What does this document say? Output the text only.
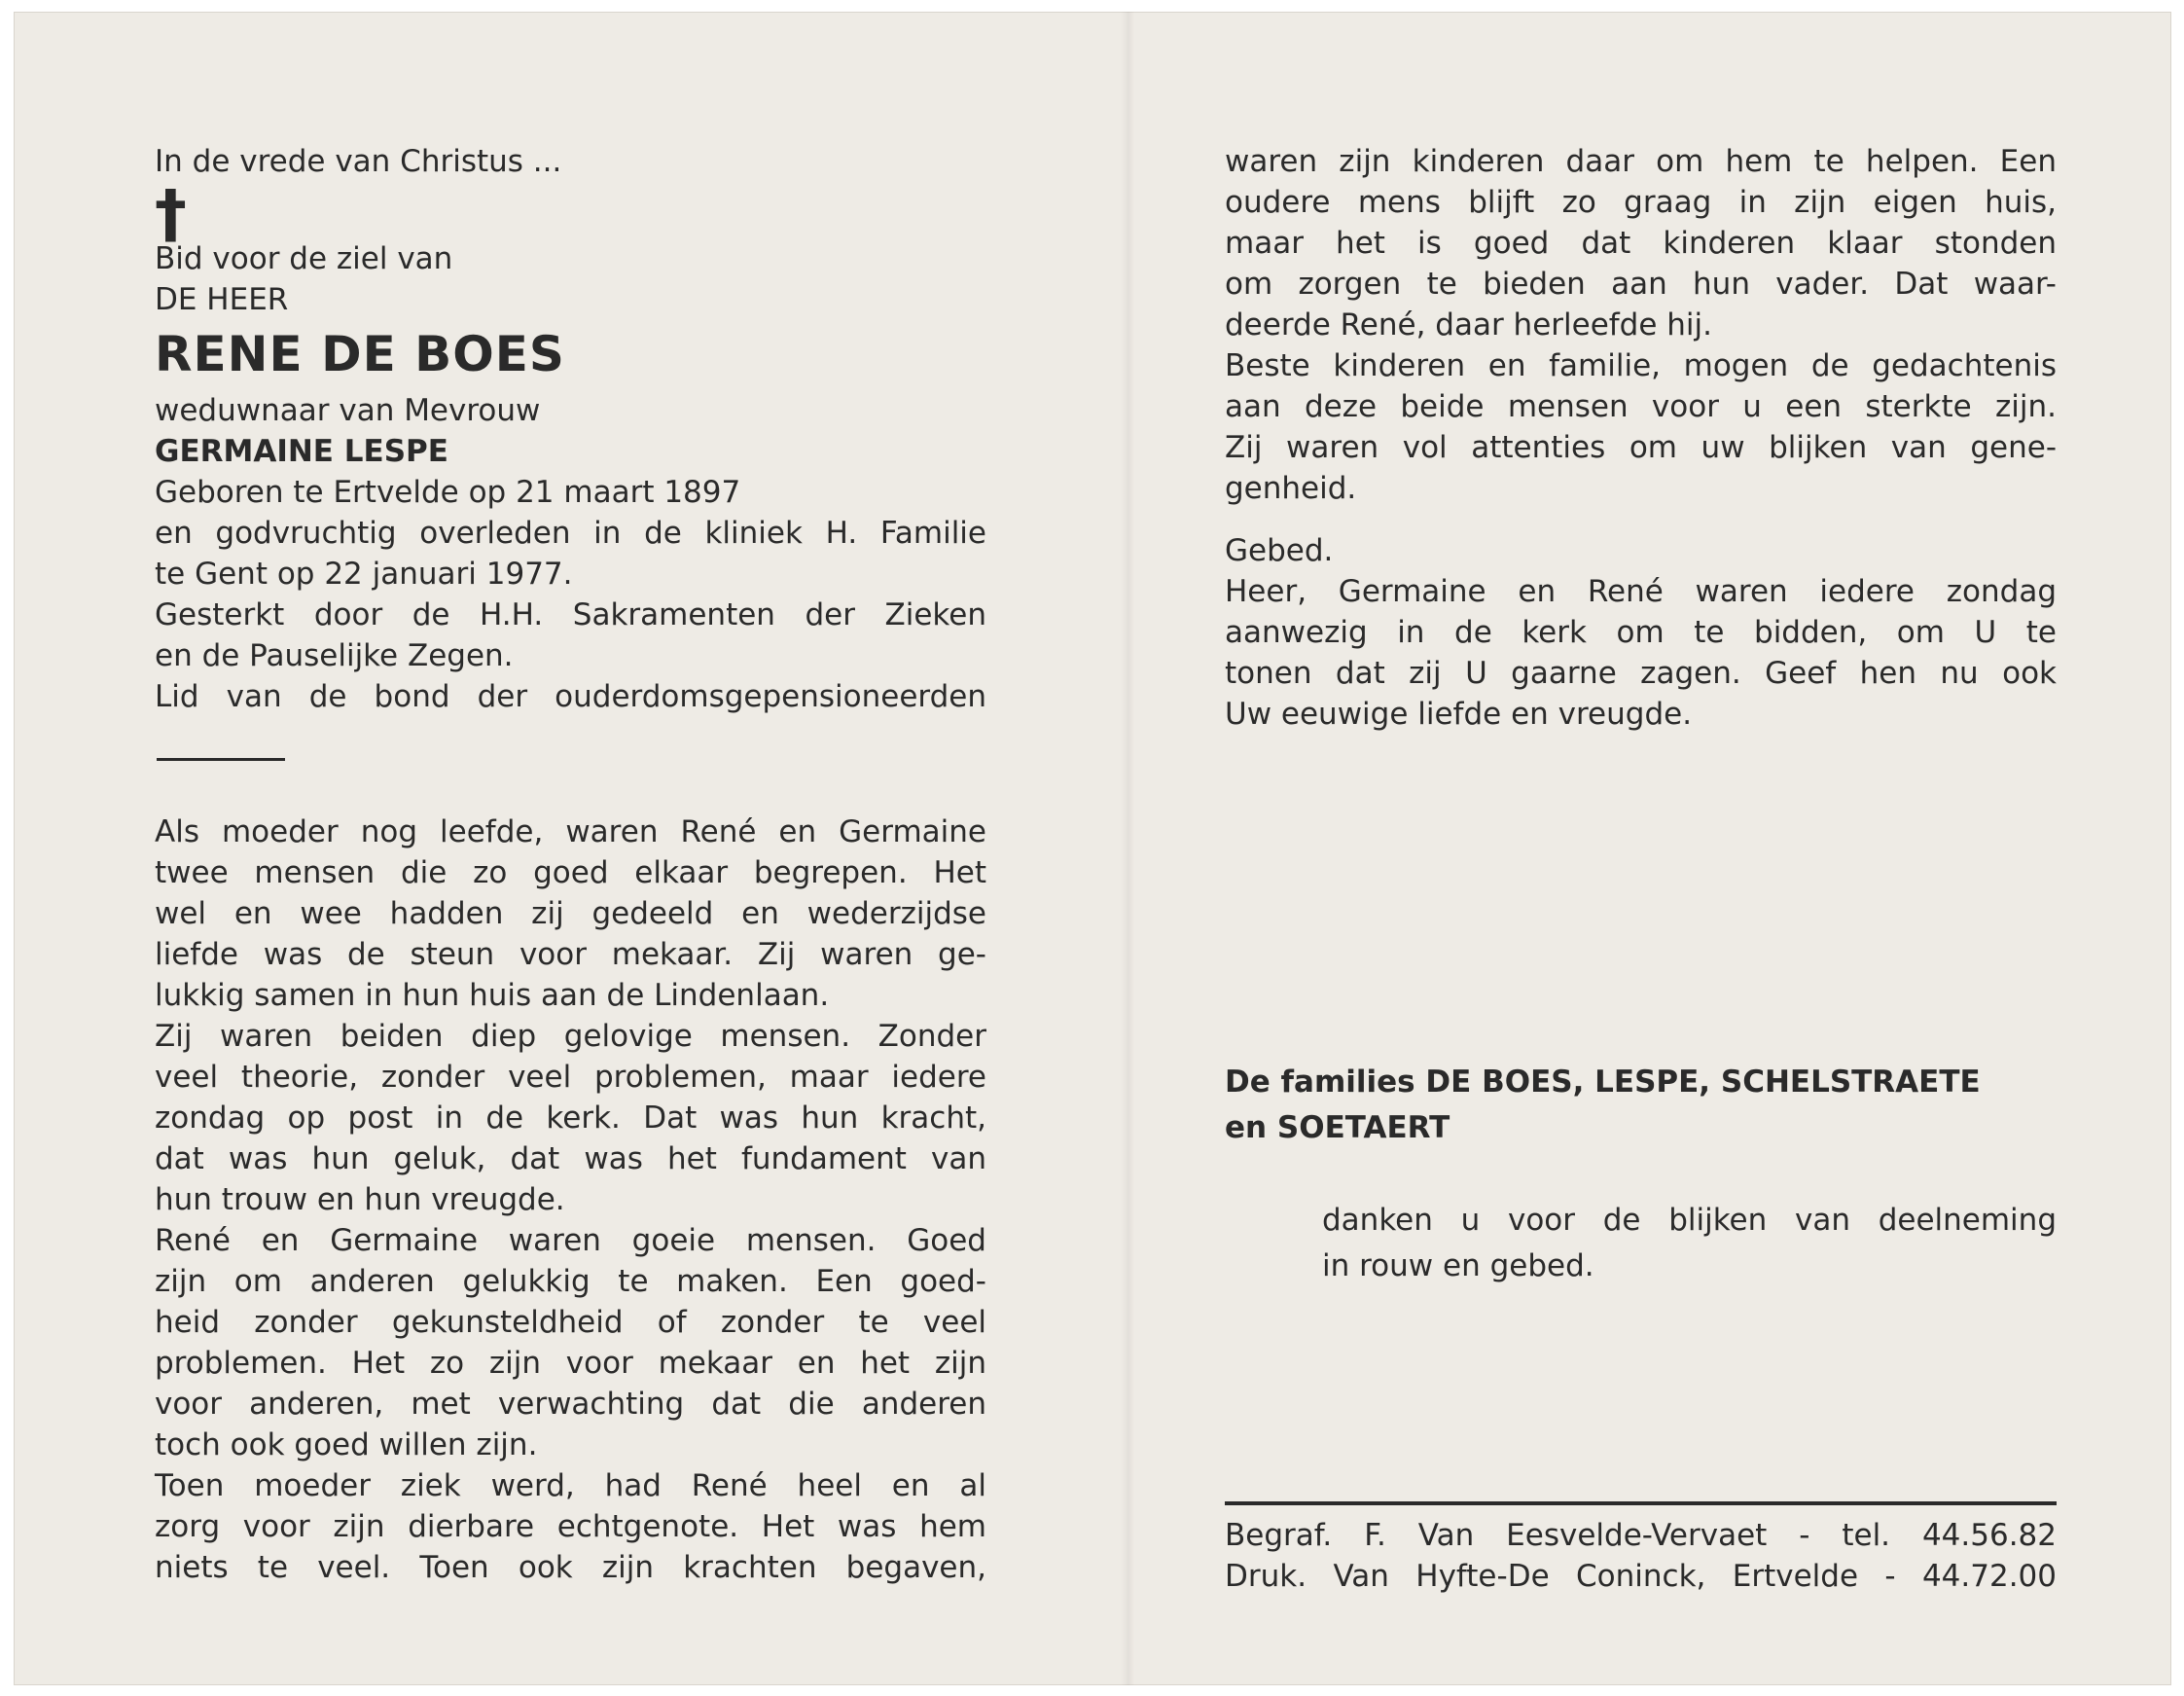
In de vrede van Christus ...
†
Bid voor de ziel van
DE HEER
RENE DE BOES
weduwnaar van Mevrouw
GERMAINE LESPE
Geboren te Ertvelde op 21 maart 1897
en godvruchtig overleden in de kliniek H. Familie
te Gent op 22 januari 1977.
Gesterkt door de H.H. Sakramenten der Zieken
en de Pauselijke Zegen.
Lid van de bond der ouderdomsgepensioneerden
Als moeder nog leefde, waren René en Germaine
twee mensen die zo goed elkaar begrepen. Het
wel en wee hadden zij gedeeld en wederzijdse
liefde was de steun voor mekaar. Zij waren ge-
lukkig samen in hun huis aan de Lindenlaan.
Zij waren beiden diep gelovige mensen. Zonder
veel theorie, zonder veel problemen, maar iedere
zondag op post in de kerk. Dat was hun kracht,
dat was hun geluk, dat was het fundament van
hun trouw en hun vreugde.
René en Germaine waren goeie mensen. Goed
zijn om anderen gelukkig te maken. Een goed-
heid zonder gekunsteldheid of zonder te veel
problemen. Het zo zijn voor mekaar en het zijn
voor anderen, met verwachting dat die anderen
toch ook goed willen zijn.
Toen moeder ziek werd, had René heel en al
zorg voor zijn dierbare echtgenote. Het was hem
niets te veel. Toen ook zijn krachten begaven,
waren zijn kinderen daar om hem te helpen. Een
oudere mens blijft zo graag in zijn eigen huis,
maar het is goed dat kinderen klaar stonden
om zorgen te bieden aan hun vader. Dat waar-
deerde René, daar herleefde hij.
Beste kinderen en familie, mogen de gedachtenis
aan deze beide mensen voor u een sterkte zijn.
Zij waren vol attenties om uw blijken van gene-
genheid.
Gebed.
Heer, Germaine en René waren iedere zondag
aanwezig in de kerk om te bidden, om U te
tonen dat zij U gaarne zagen. Geef hen nu ook
Uw eeuwige liefde en vreugde.
De families DE BOES, LESPE, SCHELSTRAETE
en SOETAERT
danken u voor de blijken van deelneming
in rouw en gebed.
Begraf. F. Van Eesvelde-Vervaet - tel. 44.56.82
Druk. Van Hyfte-De Coninck, Ertvelde - 44.72.00
